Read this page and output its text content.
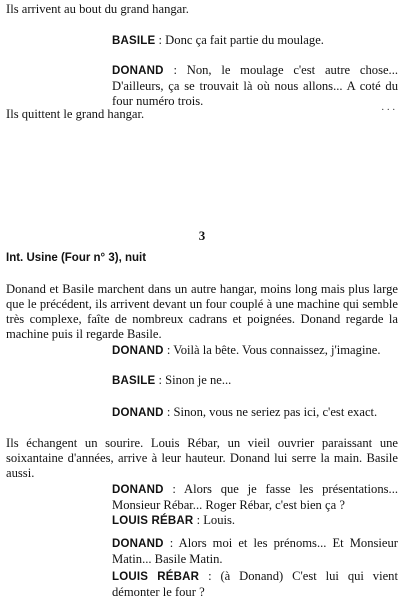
Ils arrivent au bout du grand hangar.

BASILE : Donc ça fait partie du moulage.

DONAND : Non, le moulage c'est autre chose... D'ailleurs, ça se trouvait là où nous allons... A coté du four numéro trois.	...

Ils quittent le grand hangar.

3

Int. Usine (Four n° 3), nuit

Donand et Basile marchent dans un autre hangar, moins long mais plus large que le précédent, ils arrivent devant un four couplé à une machine qui semble très complexe, faîte de nombreux cadrans et poignées. Donand regarde la machine puis il regarde Basile.

DONAND : Voilà la bête. Vous connaissez, j'imagine.

BASILE : Sinon je ne...

DONAND : Sinon, vous ne seriez pas ici, c'est exact.

Ils échangent un sourire. Louis Rébar, un vieil ouvrier paraissant une soixantaine d'années, arrive à leur hauteur. Donand lui serre la main. Basile aussi.

DONAND : Alors que je fasse les présentations... Monsieur Rébar... Roger Rébar, c'est bien ça ?

LOUIS RÉBAR : Louis.

DONAND : Alors moi et les prénoms... Et Monsieur Matin... Basile Matin.

LOUIS RÉBAR : (à Donand) C'est lui qui vient démonter le four ?
